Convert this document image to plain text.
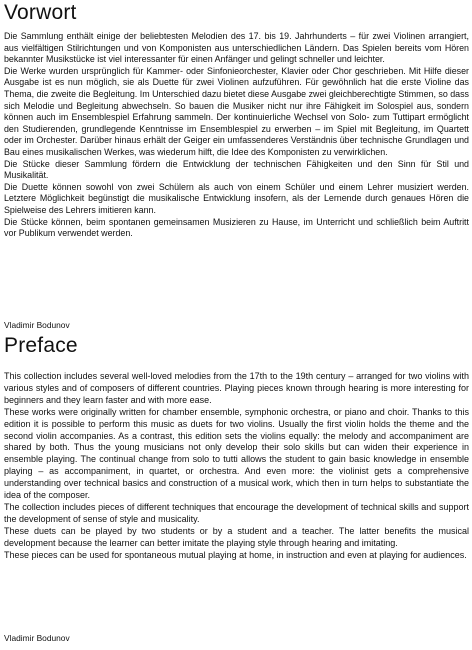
Vorwort

Die Sammlung enthält einige der beliebtesten Melodien des 17. bis 19. Jahrhunderts – für zwei Violinen arrangiert, aus vielfältigen Stilrichtungen und von Komponisten aus unterschiedlichen Ländern. Das Spielen bereits vom Hören bekannter Musikstücke ist viel interessanter für einen Anfänger und gelingt schneller und leichter.

Die Werke wurden ursprünglich für Kammer- oder Sinfonieorchester, Klavier oder Chor geschrieben. Mit Hilfe dieser Ausgabe ist es nun möglich, sie als Duette für zwei Violinen aufzuführen. Für gewöhnlich hat die erste Violine das Thema, die zweite die Begleitung. Im Unterschied dazu bietet diese Ausgabe zwei gleichberechtigte Stimmen, so dass sich Melodie und Begleitung abwechseln. So bauen die Musiker nicht nur ihre Fähigkeit im Solospiel aus, sondern können auch im Ensemblespiel Erfahrung sammeln. Der kontinuierliche Wechsel von Solo- zum Tuttipart ermöglicht den Studierenden, grundlegende Kenntnisse im Ensemblespiel zu erwerben – im Spiel mit Begleitung, im Quartett oder im Orchester. Darüber hinaus erhält der Geiger ein umfassenderes Verständnis über technische Grundlagen und Bau eines musikalischen Werkes, was wiederum hilft, die Idee des Komponisten zu verwirklichen.

Die Stücke dieser Sammlung fördern die Entwicklung der technischen Fähigkeiten und den Sinn für Stil und Musikalität.

Die Duette können sowohl von zwei Schülern als auch von einem Schüler und einem Lehrer musiziert werden. Letztere Möglichkeit begünstigt die musikalische Entwicklung insofern, als der Lernende durch genaues Hören die Spielweise des Lehrers imitieren kann.

Die Stücke können, beim spontanen gemeinsamen Musizieren zu Hause, im Unterricht und schließlich beim Auftritt vor Publikum verwendet werden.

Vladimir Bodunov
Preface

This collection includes several well-loved melodies from the 17th to the 19th century – arranged for two violins with various styles and of composers of different countries. Playing pieces known through hearing is more interesting for beginners and they learn faster and with more ease.

These works were originally written for chamber ensemble, symphonic orchestra, or piano and choir. Thanks to this edition it is possible to perform this music as duets for two violins. Usually the first violin holds the theme and the second violin accompanies. As a contrast, this edition sets the violins equally: the melody and accompaniment are shared by both. Thus the young musicians not only develop their solo skills but can widen their experience in ensemble playing. The continual change from solo to tutti allows the student to gain basic knowledge in ensemble playing – as accompaniment, in quartet, or orchestra. And even more: the violinist gets a comprehensive understanding over technical basics and construction of a musical work, which then in turn helps to substantiate the idea of the composer.

The collection includes pieces of different techniques that encourage the development of technical skills and support the development of sense of style and musicality.

These duets can be played by two students or by a student and a teacher. The latter benefits the musical development because the learner can better imitate the playing style through hearing and imitating.

These pieces can be used for spontaneous mutual playing at home, in instruction and even at playing for audiences.

Vladimir Bodunov
